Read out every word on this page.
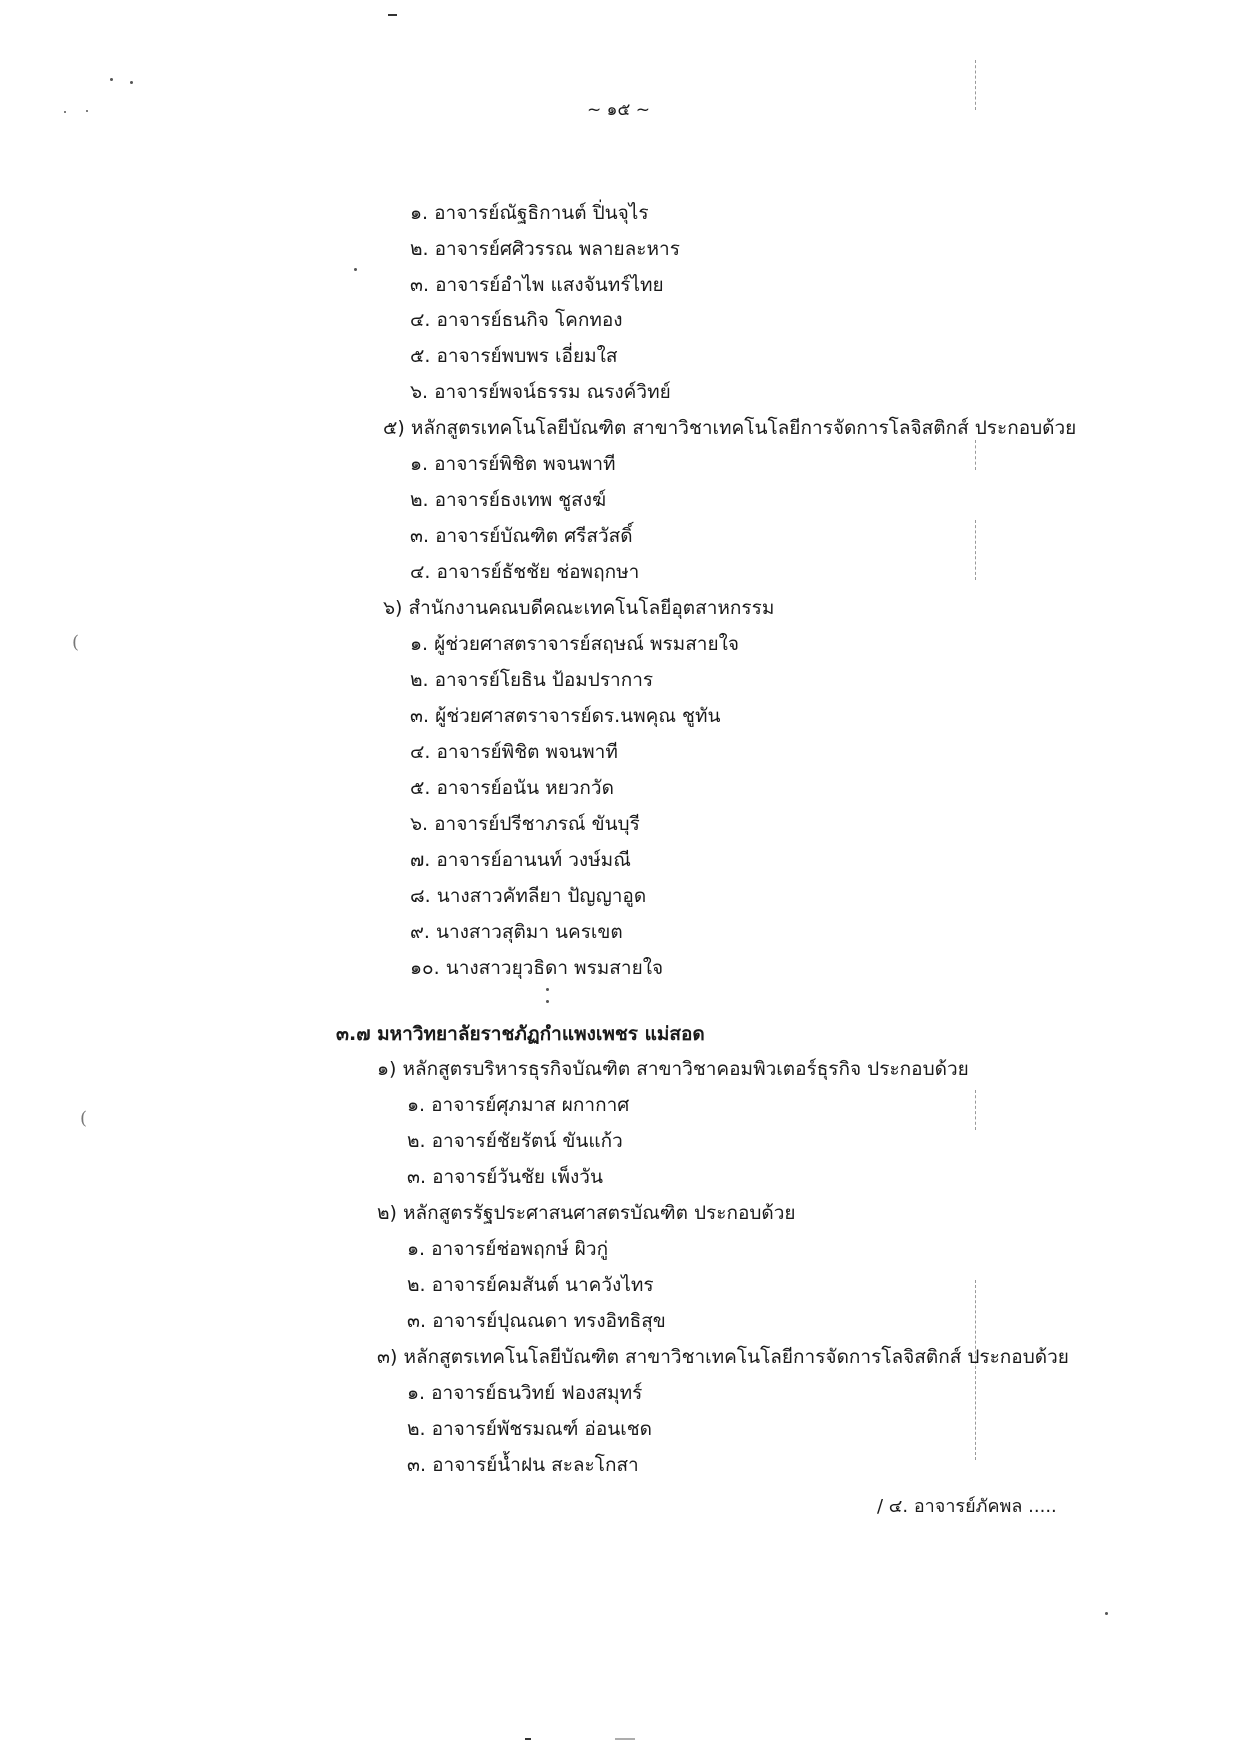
(
(
~ ๑๕ ~
๑. อาจารย์ณัฐธิกานต์ ปิ่นจุไร
๒. อาจารย์ศศิวรรณ พลายละหาร
๓. อาจารย์อำไพ แสงจันทร์ไทย
๔. อาจารย์ธนกิจ โคกทอง
๕. อาจารย์พบพร เอี่ยมใส
๖. อาจารย์พจน์ธรรม ณรงค์วิทย์
๕) หลักสูตรเทคโนโลยีบัณฑิต สาขาวิชาเทคโนโลยีการจัดการโลจิสติกส์ ประกอบด้วย
๑. อาจารย์พิชิต พจนพาที
๒. อาจารย์ธงเทพ ชูสงฆ์
๓. อาจารย์บัณฑิต ศรีสวัสดิ์
๔. อาจารย์ธัชชัย ช่อพฤกษา
๖) สำนักงานคณบดีคณะเทคโนโลยีอุตสาหกรรม
๑. ผู้ช่วยศาสตราจารย์สฤษณ์ พรมสายใจ
๒. อาจารย์โยธิน ป้อมปราการ
๓. ผู้ช่วยศาสตราจารย์ดร.นพคุณ ชูทัน
๔. อาจารย์พิชิต พจนพาที
๕. อาจารย์อนัน หยวกวัด
๖. อาจารย์ปรีชาภรณ์ ขันบุรี
๗. อาจารย์อานนท์ วงษ์มณี
๘. นางสาวคัทลียา ปัญญาอูด
๙. นางสาวสุติมา นครเขต
๑๐. นางสาวยุวธิดา พรมสายใจ
๓.๗ มหาวิทยาลัยราชภัฏกำแพงเพชร แม่สอด
๑) หลักสูตรบริหารธุรกิจบัณฑิต สาขาวิชาคอมพิวเตอร์ธุรกิจ ประกอบด้วย
๑. อาจารย์ศุภมาส ผกากาศ
๒. อาจารย์ชัยรัตน์ ขันแก้ว
๓. อาจารย์วันชัย เพ็งวัน
๒) หลักสูตรรัฐประศาสนศาสตรบัณฑิต ประกอบด้วย
๑. อาจารย์ช่อพฤกษ์ ผิวกู่
๒. อาจารย์คมสันต์ นาควังไทร
๓. อาจารย์ปุณณดา ทรงอิทธิสุข
๓) หลักสูตรเทคโนโลยีบัณฑิต สาขาวิชาเทคโนโลยีการจัดการโลจิสติกส์ ประกอบด้วย
๑. อาจารย์ธนวิทย์ ฟองสมุทร์
๒. อาจารย์พัชรมณฑ์ อ่อนเชด
๓. อาจารย์น้ำฝน สะละโกสา
/ ๔. อาจารย์ภัคพล .....
